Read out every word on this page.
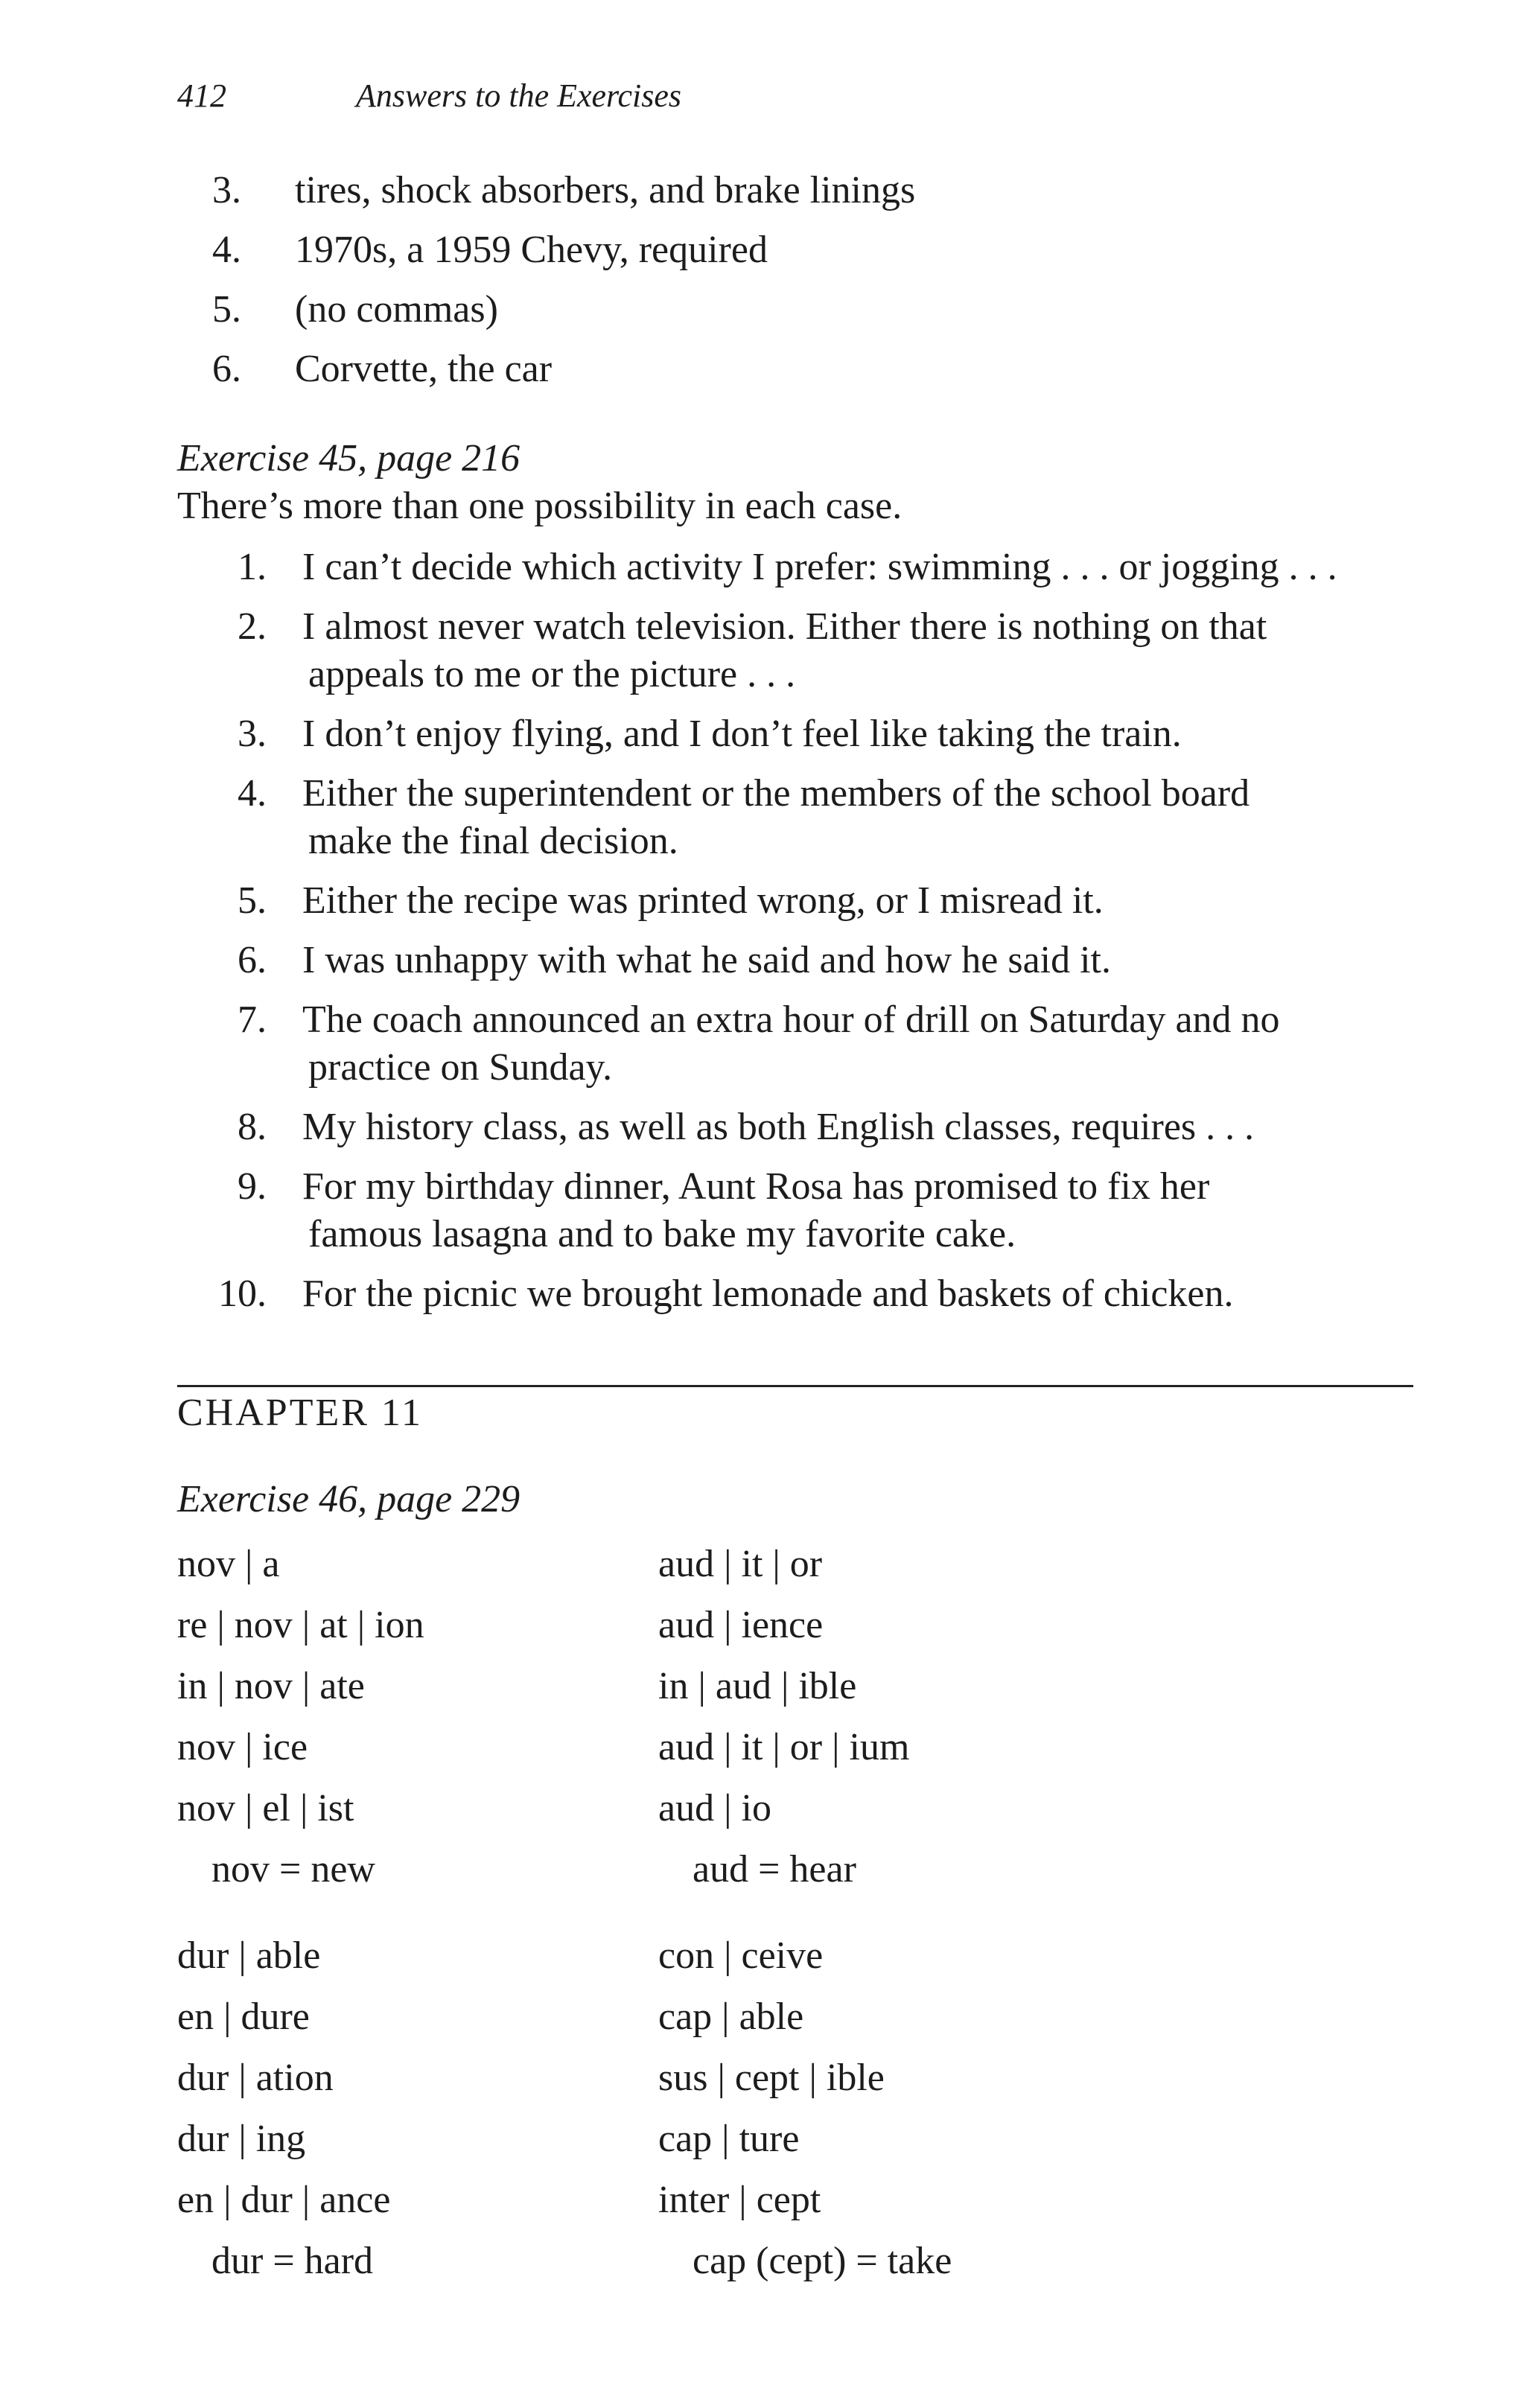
412	Answers to the Exercises
3.	tires, shock absorbers, and brake linings
4.	1970s, a 1959 Chevy, required
5.	(no commas)
6.	Corvette, the car
Exercise 45, page 216
There’s more than one possibility in each case.
1. I can’t decide which activity I prefer: swimming . . . or jogging . . .
2. I almost never watch television. Either there is nothing on that
appeals to me or the picture . . .
3. I don’t enjoy flying, and I don’t feel like taking the train.
4. Either the superintendent or the members of the school board
make the final decision.
5. Either the recipe was printed wrong, or I misread it.
6. I was unhappy with what he said and how he said it.
7. The coach announced an extra hour of drill on Saturday and no
practice on Sunday.
8. My history class, as well as both English classes, requires . . .
9. For my birthday dinner, Aunt Rosa has promised to fix her
famous lasagna and to bake my favorite cake.
10. For the picnic we brought lemonade and baskets of chicken.
CHAPTER 11
Exercise 46, page 229
nov | a
re | nov | at | ion
in | nov | ate
nov | ice
nov | el | ist
nov = new
aud | it | or
aud | ience
in | aud | ible
aud | it | or | ium
aud | io
aud = hear
dur | able
en | dure
dur | ation
dur | ing
en | dur | ance
dur = hard
con | ceive
cap | able
sus | cept | ible
cap | ture
inter | cept
cap (cept) = take
